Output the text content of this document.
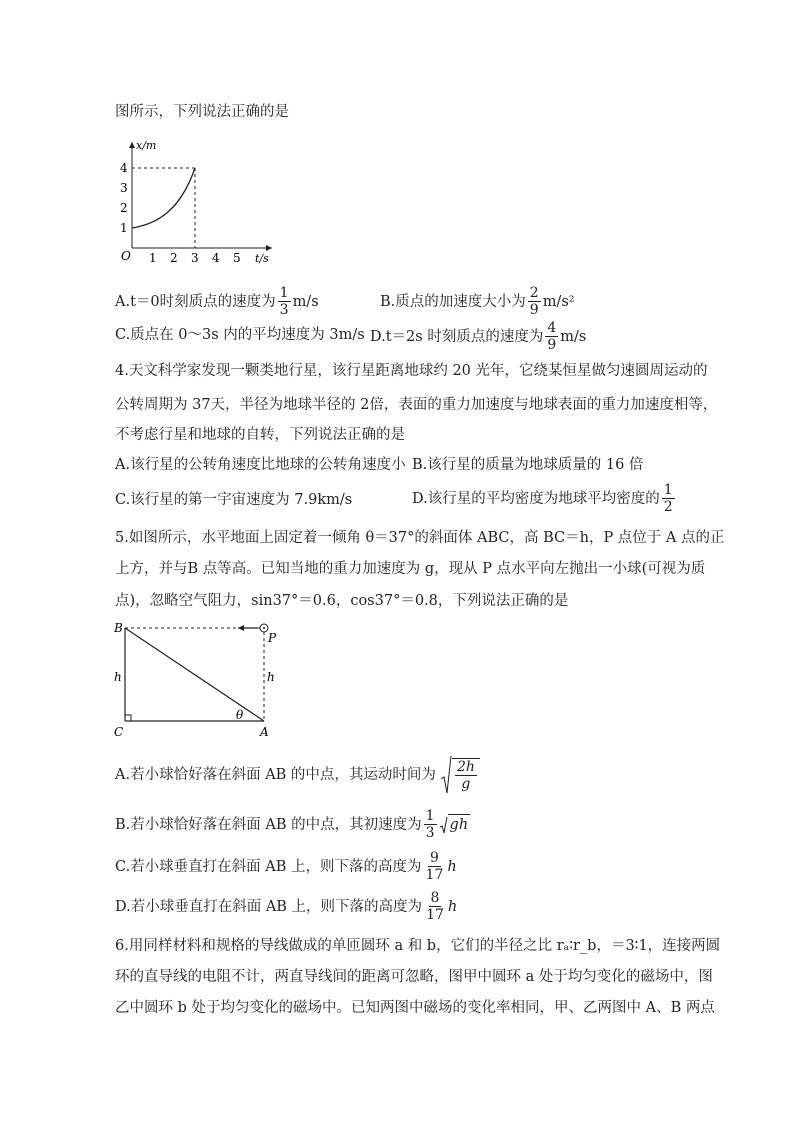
图所示，下列说法正确的是
1
2
3
4
1 2 3 4 5
O
x/m
t/s
A.t＝0时刻质点的速度为 $\frac{1}{3} m/s$	B.质点的加速度大小为 $\frac{2}{9} m/s^2$
C.质点在 0～3s 内的平均速度为 3m/s D.t＝2s 时刻质点的速度为 $\frac{4}{9} m/s$
4.天文科学家发现一颗类地行星，该行星距离地球约 20 光年，它绕某恒星做匀速圆周运动的
公转周期为 37天，半径为地球半径的 2倍，表面的重力加速度与地球表面的重力加速度相等，
不考虑行星和地球的自转，下列说法正确的是
A.该行星的公转角速度比地球的公转角速度小 B.该行星的质量为地球质量的 16 倍
C.该行星的第一宇宙速度为 7.9km/s	D.该行星的平均密度为地球平均密度的 $\frac{1}{2}$
5.如图所示，水平地面上固定着一倾角 θ＝37°的斜面体 ABC，高 BC＝h，P 点位于 A 点的正
上方，并与B 点等高。已知当地的重力加速度为 g，现从 P 点水平向左抛出一小球(可视为质
点)，忽略空气阻力，sin37°＝0.6，cos37°＝0.8，下列说法正确的是
B
P
C	A
h	h
θ
A.若小球恰好落在斜面 AB 的中点，其运动时间为 $\frac{2h}{g}$
B.若小球恰好落在斜面 AB 的中点，其初速度为 $\frac{1}{3}$ gh
C.若小球垂直打在斜面 AB 上，则下落的高度为 $\frac{9}{17}$ h
D.若小球垂直打在斜面 AB 上，则下落的高度为 $\frac{8}{17}$ h
6.用同样材料和规格的导线做成的单匝圆环 a 和 b，它们的半径之比 rₐ∶r_b，＝3∶1，连接两圆
环的直导线的电阻不计，两直导线间的距离可忽略，图甲中圆环 a 处于均匀变化的磁场中，图
乙中圆环 b 处于均匀变化的磁场中。已知两图中磁场的变化率相同，甲、乙两图中 A、B 两点
